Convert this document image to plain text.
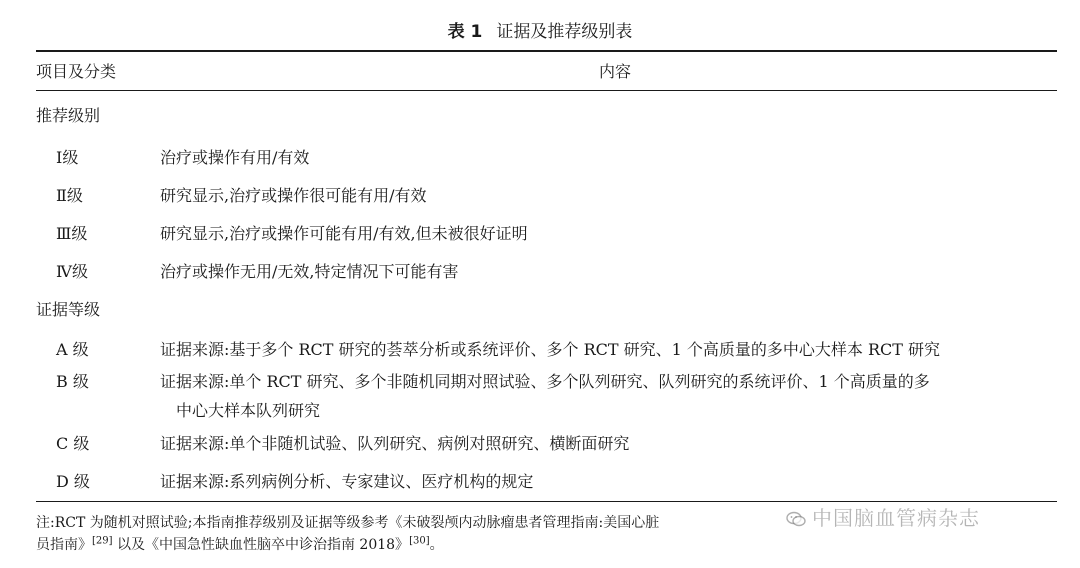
表 1 证据及推荐级别表
项目及分类	内容
推荐级别
Ⅰ级	治疗或操作有用/有效
Ⅱ级	研究显示,治疗或操作很可能有用/有效
Ⅲ级	研究显示,治疗或操作可能有用/有效,但未被很好证明
Ⅳ级	治疗或操作无用/无效,特定情况下可能有害
证据等级
A 级	证据来源:基于多个 RCT 研究的荟萃分析或系统评价、多个 RCT 研究、1 个高质量的多中心大样本 RCT 研究
B 级	证据来源:单个 RCT 研究、多个非随机同期对照试验、多个队列研究、队列研究的系统评价、1 个高质量的多
中心大样本队列研究
C 级	证据来源:单个非随机试验、队列研究、病例对照研究、横断面研究
D 级	证据来源:系列病例分析、专家建议、医疗机构的规定
注:RCT 为随机对照试验;本指南推荐级别及证据等级参考《未破裂颅内动脉瘤患者管理指南:美国心脏
员指南》[29] 以及《中国急性缺血性脑卒中诊治指南 2018》[30]。
中国脑血管病杂志
